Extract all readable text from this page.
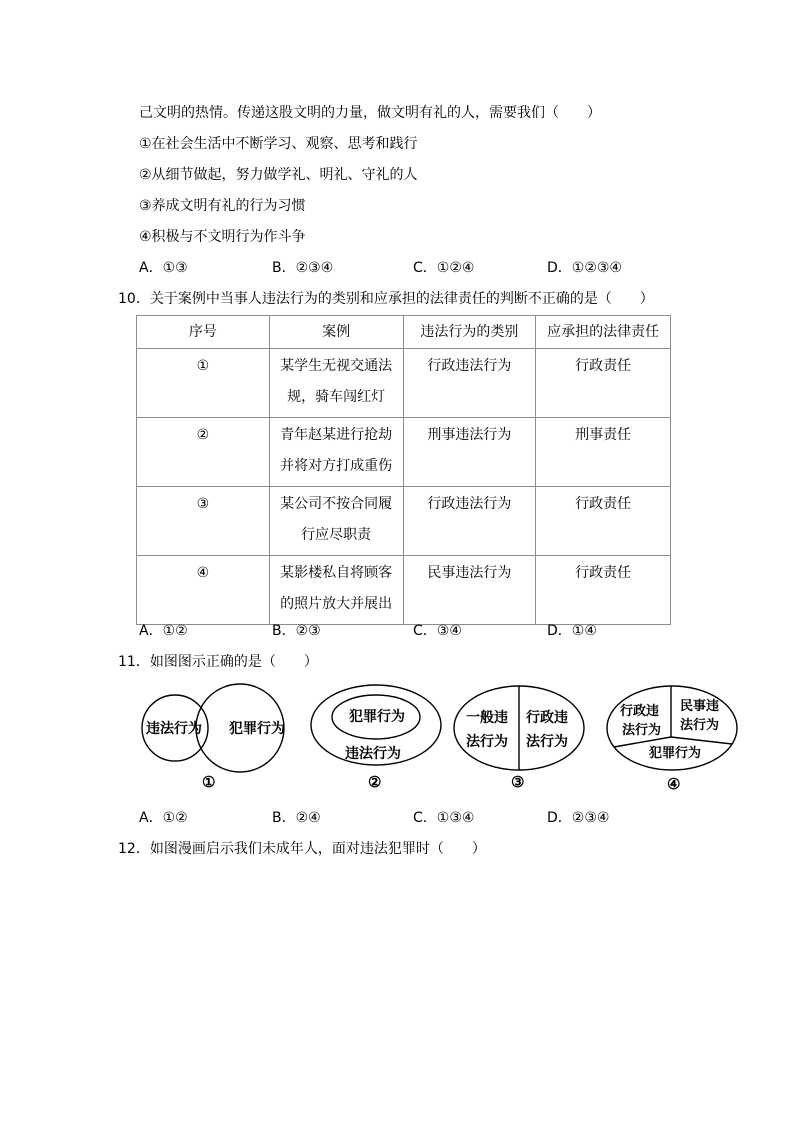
己文明的热情。传递这股文明的力量，做文明有礼的人，需要我们（　　）
①在社会生活中不断学习、观察、思考和践行
②从细节做起，努力做学礼、明礼、守礼的人
③养成文明有礼的行为习惯
④积极与不文明行为作斗争
A．①③	B．②③④	C．①②④	D．①②③④
10．关于案例中当事人违法行为的类别和应承担的法律责任的判断不正确的是（　　）
序号	案例	违法行为的类别	应承担的法律责任
①	某学生无视交通法规，骑车闯红灯	行政违法行为	行政责任
②	青年赵某进行抢劫并将对方打成重伤	刑事违法行为	刑事责任
③	某公司不按合同履行应尽职责	行政违法行为	行政责任
④	某影楼私自将顾客的照片放大并展出	民事违法行为	行政责任
A．①②	B．②③	C．③④	D．①④
11．如图图示正确的是（　　）
违法行为 犯罪行为
①
犯罪行为
违法行为
②
一般违
法行为
行政违
法行为
③
行政违
法行为
民事违
法行为
犯罪行为
④
A．①②	B．②④	C．①③④	D．②③④
12．如图漫画启示我们未成年人，面对违法犯罪时（　　）
